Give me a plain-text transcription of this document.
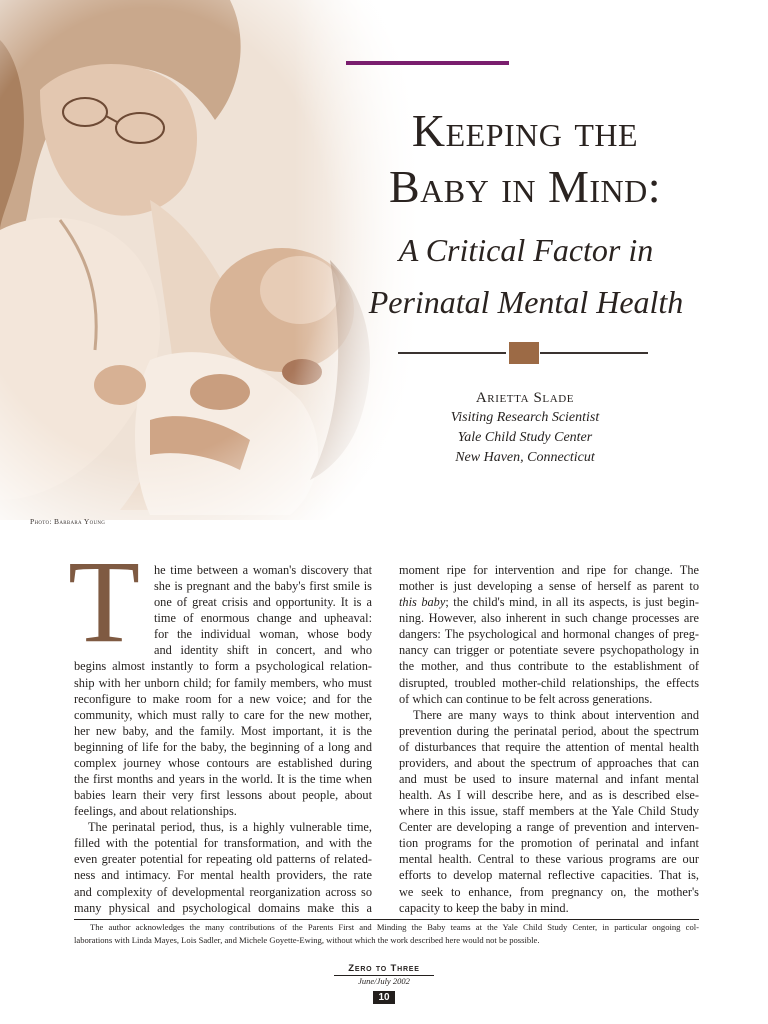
Photo: Barbara Young
Keeping the
Baby in Mind:
A Critical Factor in
Perinatal Mental Health
Arietta Slade
Visiting Research Scientist
Yale Child Study Center
New Haven, Connecticut
T	he time between a woman's discovery that
she is pregnant and the baby's first smile is
one of great crisis and opportunity. It is a
time of enormous change and upheaval:
for the individual woman, whose body
and identity shift in concert, and who
begins almost instantly to form a psychological relation-
ship with her unborn child; for family members, who must
reconfigure to make room for a new voice; and for the
community, which must rally to care for the new mother,
her new baby, and the family. Most important, it is the
beginning of life for the baby, the beginning of a long and
complex journey whose contours are established during
the first months and years in the world. It is the time when
babies learn their very first lessons about people, about
feelings, and about relationships.
The perinatal period, thus, is a highly vulnerable time,
filled with the potential for transformation, and with the
even greater potential for repeating old patterns of related-
ness and intimacy. For mental health providers, the rate
and complexity of developmental reorganization across so
many physical and psychological domains make this a
moment ripe for intervention and ripe for change. The
mother is just developing a sense of herself as parent to
this baby; the child's mind, in all its aspects, is just begin-
ning. However, also inherent in such change processes are
dangers: The psychological and hormonal changes of preg-
nancy can trigger or potentiate severe psychopathology in
the mother, and thus contribute to the establishment of
disrupted, troubled mother-child relationships, the effects
of which can continue to be felt across generations.
There are many ways to think about intervention and
prevention during the perinatal period, about the spectrum
of disturbances that require the attention of mental health
providers, and about the spectrum of approaches that can
and must be used to insure maternal and infant mental
health. As I will describe here, and as is described else-
where in this issue, staff members at the Yale Child Study
Center are developing a range of prevention and interven-
tion programs for the promotion of perinatal and infant
mental health. Central to these various programs are our
efforts to develop maternal reflective capacities. That is,
we seek to enhance, from pregnancy on, the mother's
capacity to keep the baby in mind.
The author acknowledges the many contributions of the Parents First and Minding the Baby teams at the Yale Child Study Center, in particular ongoing col-
laborations with Linda Mayes, Lois Sadler, and Michele Goyette-Ewing, without which the work described here would not be possible.
Zero to Three
June/July 2002
10
